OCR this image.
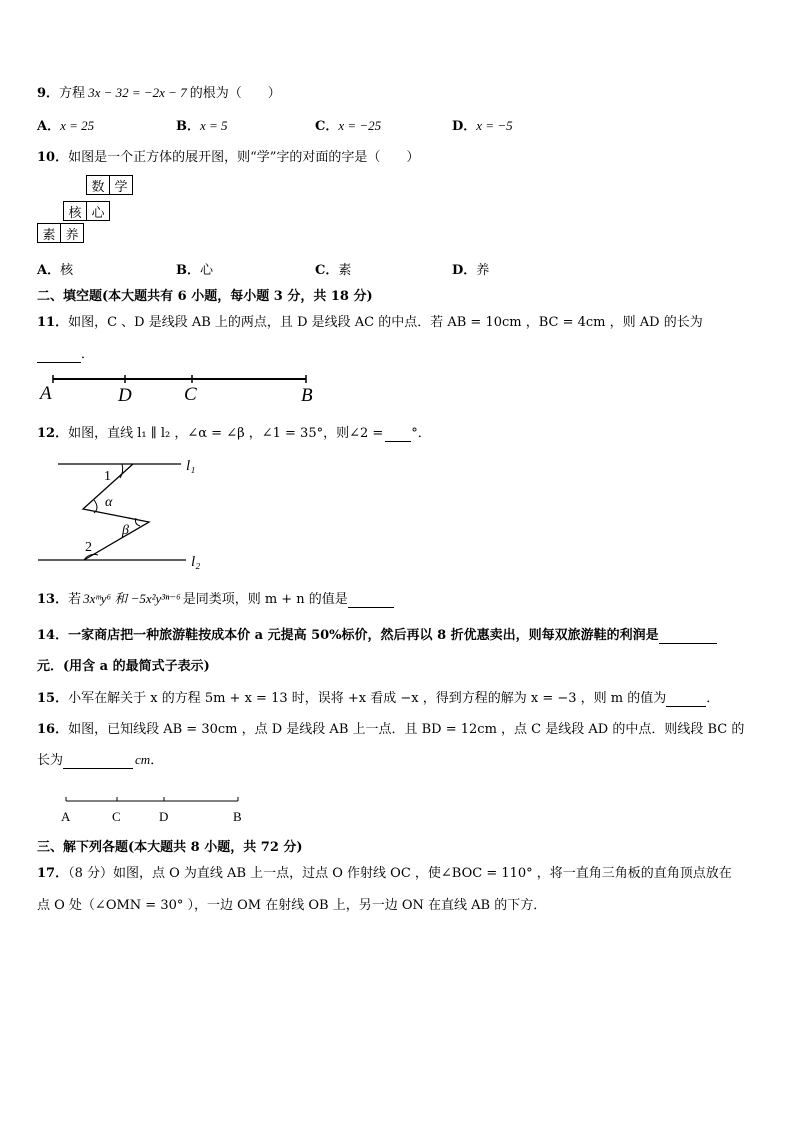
9．方程 3x − 32 = −2x − 7 的根为（　　）
A．x = 25	B．x = 5	C．x = −25	D．x = −5
10．如图是一个正方体的展开图，则“学”字的对面的字是（　　）
数 学
核 心
素 养
A．核	B．心	C．素	D．养
二、填空题(本大题共有 6 小题，每小题 3 分，共 18 分)
11．如图，C 、D 是线段 AB 上的两点，且 D 是线段 AC 的中点．若 AB = 10cm ，BC = 4cm ，则 AD 的长为
．
A	D	C	B
12．如图，直线 l₁ ∥ l₂ ，∠α = ∠β ，∠1 = 35°，则∠2 = °．
l₁
l₂
1
α
β
2
13．若 3xᵐy⁶ 和 −5x²y³ⁿ⁻⁶ 是同类项，则 m + n 的值是
14．一家商店把一种旅游鞋按成本价 a 元提高 50%标价，然后再以 8 折优惠卖出，则每双旅游鞋的利润是
元．(用含 a 的最简式子表示)
15．小军在解关于 x 的方程 5m + x = 13 时，误将 +x 看成 −x ，得到方程的解为 x = −3 ，则 m 的值为	．
16．如图，已知线段 AB = 30cm ，点 D 是线段 AB 上一点．且 BD = 12cm ，点 C 是线段 AD 的中点．则线段 BC 的
长为	cm．
A	C	D	B
三、解下列各题(本大题共 8 小题，共 72 分)
17．（8 分）如图，点 O 为直线 AB 上一点，过点 O 作射线 OC ，使∠BOC = 110° ，将一直角三角板的直角顶点放在
点 O 处（∠OMN = 30° ），一边 OM 在射线 OB 上，另一边 ON 在直线 AB 的下方．
